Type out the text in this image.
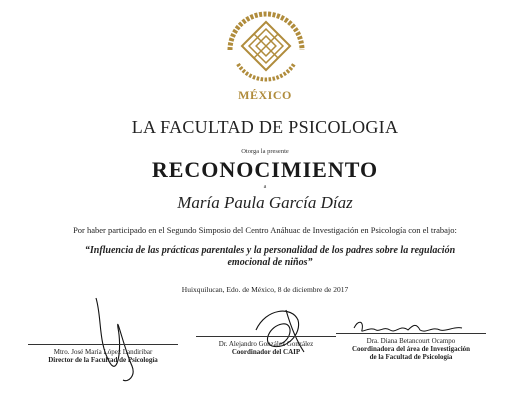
MÉXICO
LA FACULTAD DE PSICOLOGIA
Otorga la presente
RECONOCIMIENTO
a
María Paula García Díaz
Por haber participado en el Segundo Simposio del Centro Anáhuac de Investigación en Psicología con el trabajo:
“Influencia de las prácticas parentales y la personalidad de los padres sobre la regulación emocional de niños”
Huixquilucan, Edo. de México, 8 de diciembre de 2017
Mtro. José María López Landiribar
Director de la Facultad de Psicología
Dr. Alejandro González González
Coordinador del CAIP
Dra. Diana Betancourt Ocampo
Coordinadora del área de Investigación
de la Facultad de Psicología
